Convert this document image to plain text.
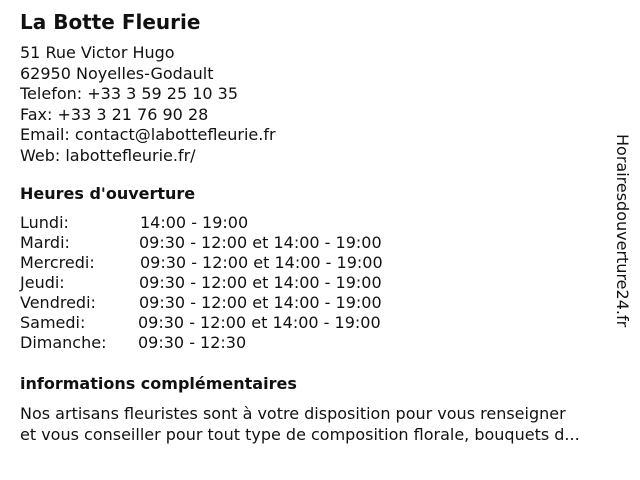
La Botte Fleurie
51 Rue Victor Hugo
62950 Noyelles-Godault
Telefon: +33 3 59 25 10 35
Fax: +33 3 21 76 90 28
Email: contact@labottefleurie.fr
Web: labottefleurie.fr/
Heures d'ouverture
Lundi:	14:00 - 19:00
Mardi:	09:30 - 12:00 et 14:00 - 19:00
Mercredi:	09:30 - 12:00 et 14:00 - 19:00
Jeudi:	09:30 - 12:00 et 14:00 - 19:00
Vendredi:	09:30 - 12:00 et 14:00 - 19:00
Samedi:	09:30 - 12:00 et 14:00 - 19:00
Dimanche: 09:30 - 12:30
informations complémentaires
Nos artisans fleuristes sont à votre disposition pour vous renseigner
et vous conseiller pour tout type de composition florale, bouquets d...
Horairesdouverture24.fr
